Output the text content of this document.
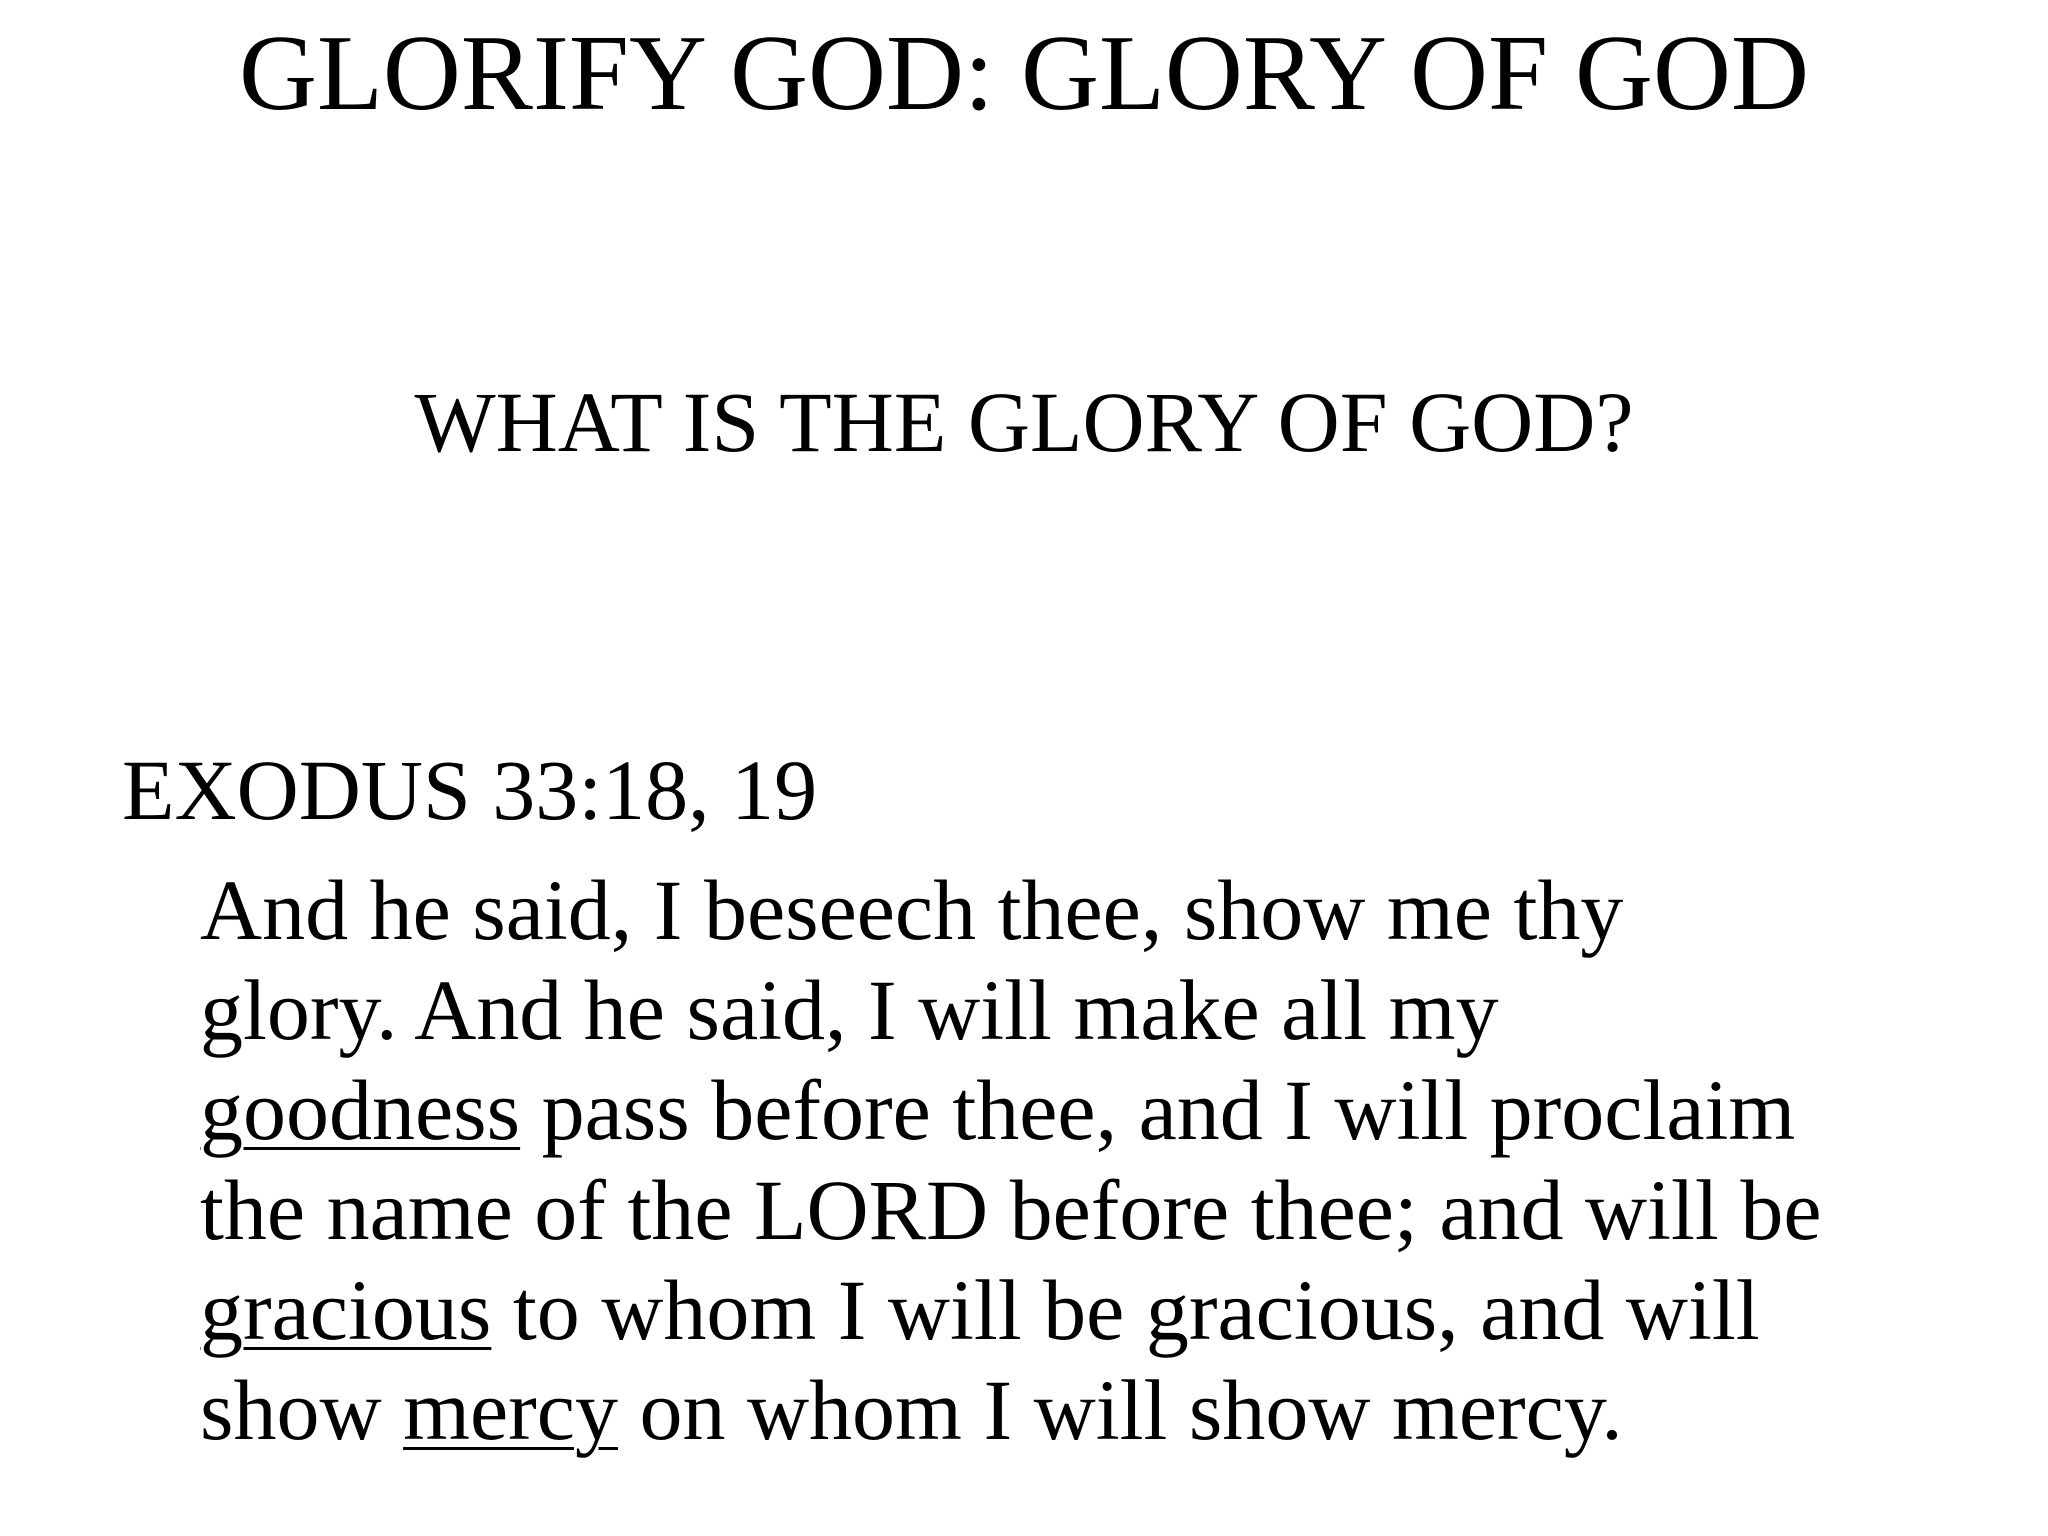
GLORIFY GOD: GLORY OF GOD
WHAT IS THE GLORY OF GOD?
EXODUS 33:18, 19
And he said, I beseech thee, show me thy
glory. And he said, I will make all my
goodness pass before thee, and I will proclaim
the name of the LORD before thee; and will be
gracious to whom I will be gracious, and will
show mercy on whom I will show mercy.
